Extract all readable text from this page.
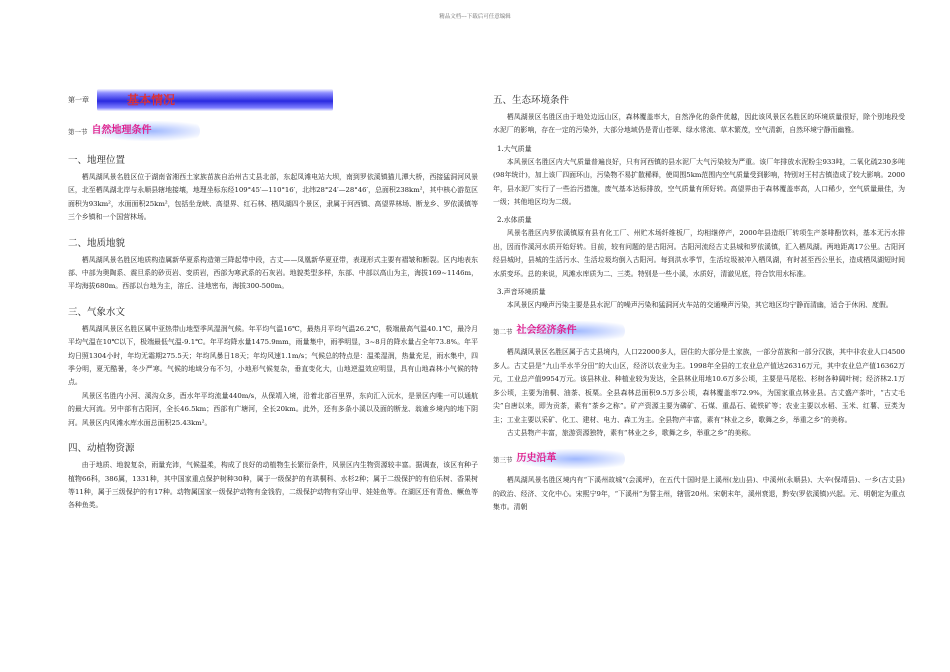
精品文档---下载后可任意编辑
第一章	基本情况
第一节 自然地理条件
一、地理位置

栖凤湖风景名胜区位于湖南省湘西土家族苗族自治州古丈县北部，东起凤滩电站大坝，南到罗依溪镇猫儿潭大桥，西接猛洞河风景区，北至栖凤湖北岸与永顺县辖地接壤，地理坐标东经109°45′—110°16′，北纬28°24′—28°46′，总面积238km²，其中核心游览区面积为93km²，水面面积25km²，包括坐龙峡、高望界、红石林、栖凤湖四个景区，隶属于河西镇、高望界林场、断龙乡、罗依溪镇等三个乡镇和一个国营林场。

二、地质地貌

栖凤湖风景名胜区地质构造属新华夏系构造第三降起带中段，古丈——凤凰新华夏亚带，表现形式主要有褶皱和断裂。区内地表东部、中部为奥陶系、震旦系的砂页岩、变质岩，西部为寒武系的石灰岩。地貌类型多样，东部、中部以高山为主，海拔169~1146m，平均海拔680m。西部以台地为主，溶丘、洼地密布，海拔300-500m。

三、气象水文

栖凤湖风景区名胜区属中亚热带山地型季风湿润气候。年平均气温16℃，最热月平均气温26.2℃，极端最高气温40.1℃，最冷月平均气温在10℃以下，极端最低气温-9.1℃。年平均降水量1475.9mm，雨量集中，雨季明显，3~8月的降水量占全年73.8%。年平均日照1304小时，年均无霜期275.5天；年均风暴日18天；年均风速1.1m/s；气候总的特点是：温柔湿润，热量充足，雨水集中，四季分明，夏无酷暑，冬少严寒。气候的地域分布不匀，小地形气候复杂，垂直变化大，山地逆温效应明显，具有山地森林小气候的特点。

风景区名胜内小河、溪沟众多，酉水年平均流量440m/s，从保靖入境，沿着北部百里界，东向汇入沅水，是景区内唯一可以通航的最大河流。另中部有古阳河，全长46.5km；西部有广塘河，全长20km。此外，还有多条小溪以及面的断龙、翁逾乡境内的地下阴河。风景区内风滩水库水面总面积25.43km²。

四、动植物资源

由于地质、地貌复杂，雨量充沛，气候温柔，构成了良好的动植物生长繁衍条件，风景区内生物资源较丰富。据调查，该区有种子植物66科，386属，1331种，其中国家重点保护树种30种，属于一级保护的有珙桐科、水杉2种；属于二级保护的有伯乐树、香果树等11种，属于三级保护的有17种。动物属国家一级保护动物有金钱豹，二级保护动物有穿山甲、娃娃鱼等。在湖区还有青鱼、鳜鱼等各种鱼类。

五、生态环境条件

栖凤湖景区名胜区由于地处边远山区，森林覆盖率大，自然净化的条件优越，因此该风景区名胜区的环境质量很好，除个别地段受水泥厂的影响，存在一定的污染外，大部分地域仍是青山苍翠、绿水常流、草木繁茂，空气清新，自然环境宁静而幽雅。

1.大气质量

本风景区名胜区内大气质量普遍良好，只有河西镇的县水泥厂大气污染较为严重。该厂年排放水泥粉尘933吨，二氧化硫230多吨(98年统计)，加上该厂四面环山，污染物不易扩散稀释，使周围5km范围内空气质量受到影响，特别对王村古镇造成了较大影响。2000年，县水泥厂实行了一些治污措施，废气基本达标排放，空气质量有所好转。高望界由于森林覆盖率高，人口稀少，空气质量最佳，为一级；其他地区均为二级。

2.水体质量

风景名胜区内罗依溪镇原有县有化工厂、州贮木场纤维板厂，均相继停产，2000年县造纸厂转项生产茶啡酚饮料，基本无污水排出，因而作溪河水质开始好转。目前，较有问题的是古阳河。古阳河流经古丈县城和罗依溪镇，汇入栖凤湖。两地距离17公里。古阳河经县城时，县城的生活污水、生活垃圾均倒入古阳河。每到洪水季节，生活垃圾被冲入栖凤湖，有时甚至西公里长，造成栖凤湖短时间水质变坏。总的来说，风滩水库质为二、三类。特别是一些小溪，水质好，清澈见底，符合饮用水标准。

3.声音环境质量

本风景区内噪声污染主要是县水泥厂的噪声污染和猛洞河火车站的交通噪声污染，其它地区均宁静而清幽，适合于休闲、度假。

第二节 社会经济条件

栖凤湖风景区名胜区属于古丈县境内，人口22000多人，居住的大部分是土家族，一部分苗族和一部分汉族，其中非农业人口4500多人。古丈县是“九山半水半分田”的大山区，经济以农业为主。1998年全县的工农业总产值达26316万元，其中农业总产值16362万元，工业总产值9954万元。该县林业、种植业较为发达，全县林业用地10.6万多公顷，主要是马尾松、杉树各种阔叶树；经济林2.1万多公顷，主要为油桐、油茶、板栗。全县森林总面积9.5万多公顷，森林覆盖率72.9%，为国家重点林业县。古丈盛产茶叶，“古丈毛尖”自唐以来，即为贡茶，素有“茶乡之称”。矿产资源主要为磷矿、石煤、重晶石、硫铁矿等；农业主要以水稻、玉米、红薯、豆类为主；工业主要以采矿、化工、建材、电力、森工为主。全县物产丰富，素有“林业之乡，歌舞之乡，举重之乡”的美称。

古丈县物产丰富，旅游资源独特，素有“林业之乡，歌舞之乡，举重之乡”的美称。

第三节 历史沿革

栖凤湖风景名胜区境内有“下溪州故城”(会溪坪)，在五代十国时是上溪州(龙山县)、中溪州(永顺县)、大辛(保靖县)、一乡(古丈县)的政治、经济、文化中心。宋熙宁9年，“下溪州”为誓主州，辖管20州。宋朝末年，溪州衰退，黔安(罗依溪镇)兴起。元、明朝定为重点集市。清朝
